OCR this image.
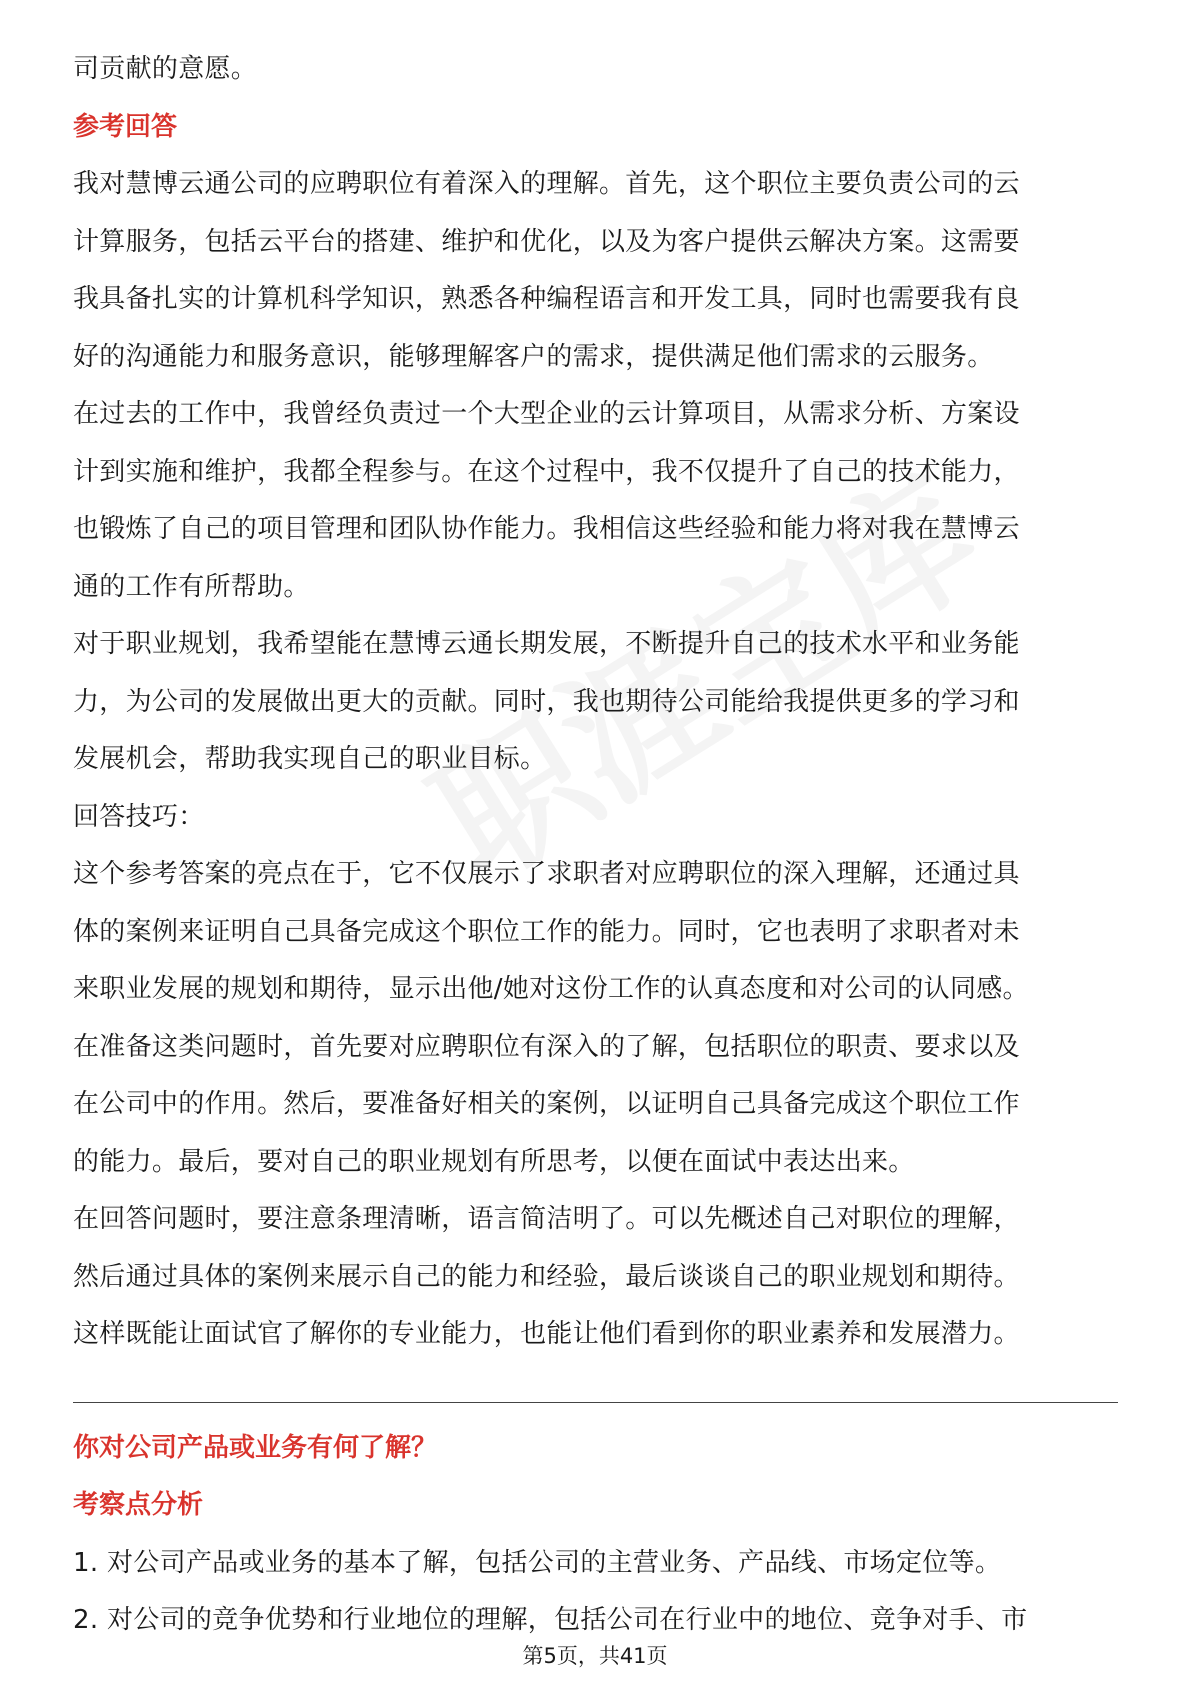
司贡献的意愿。
参考回答
我对慧博云通公司的应聘职位有着深入的理解。首先，这个职位主要负责公司的云
计算服务，包括云平台的搭建、维护和优化，以及为客户提供云解决方案。这需要
我具备扎实的计算机科学知识，熟悉各种编程语言和开发工具，同时也需要我有良
好的沟通能力和服务意识，能够理解客户的需求，提供满足他们需求的云服务。
在过去的工作中，我曾经负责过一个大型企业的云计算项目，从需求分析、方案设
计到实施和维护，我都全程参与。在这个过程中，我不仅提升了自己的技术能力，
也锻炼了自己的项目管理和团队协作能力。我相信这些经验和能力将对我在慧博云
通的工作有所帮助。
对于职业规划，我希望能在慧博云通长期发展，不断提升自己的技术水平和业务能
力，为公司的发展做出更大的贡献。同时，我也期待公司能给我提供更多的学习和
发展机会，帮助我实现自己的职业目标。
回答技巧：
这个参考答案的亮点在于，它不仅展示了求职者对应聘职位的深入理解，还通过具
体的案例来证明自己具备完成这个职位工作的能力。同时，它也表明了求职者对未
来职业发展的规划和期待，显示出他/她对这份工作的认真态度和对公司的认同感。
在准备这类问题时，首先要对应聘职位有深入的了解，包括职位的职责、要求以及
在公司中的作用。然后，要准备好相关的案例，以证明自己具备完成这个职位工作
的能力。最后，要对自己的职业规划有所思考，以便在面试中表达出来。
在回答问题时，要注意条理清晰，语言简洁明了。可以先概述自己对职位的理解，
然后通过具体的案例来展示自己的能力和经验，最后谈谈自己的职业规划和期待。
这样既能让面试官了解你的专业能力，也能让他们看到你的职业素养和发展潜力。
你对公司产品或业务有何了解？
考察点分析
1. 对公司产品或业务的基本了解，包括公司的主营业务、产品线、市场定位等。
2. 对公司的竞争优势和行业地位的理解，包括公司在行业中的地位、竞争对手、市
第5页，共41页
